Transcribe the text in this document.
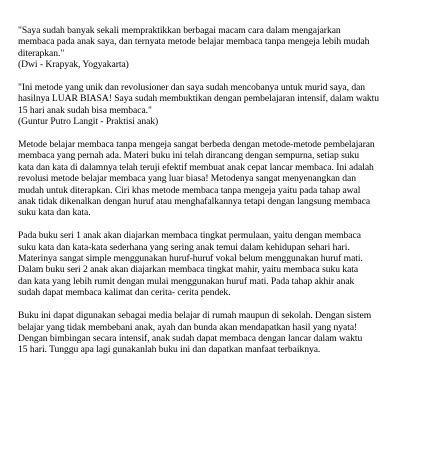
"Saya sudah banyak sekali mempraktikkan berbagai macam cara dalam mengajarkan
membaca pada anak saya, dan ternyata metode belajar membaca tanpa mengeja lebih mudah
diterapkan."
(Dwi - Krapyak, Yogyakarta)
"Ini metode yang unik dan revolusioner dan saya sudah mencobanya untuk murid saya, dan
hasilnya LUAR BIASA! Saya sudah membuktikan dengan pembelajaran intensif, dalam waktu
15 hari anak sudah bisa membaca."
(Guntur Putro Langit - Praktisi anak)
Metode belajar membaca tanpa mengeja sangat berbeda dengan metode-metode pembelajaran
membaca yang pernah ada. Materi buku ini telah dirancang dengan sempurna, setiap suku
kata dan kata di dalamnya telah teruji efektif membuat anak cepat lancar membaca. Ini adalah
revolusi metode belajar membaca yang luar biasa! Metodenya sangat menyenangkan dan
mudah untuk diterapkan. Ciri khas metode membaca tanpa mengeja yaitu pada tahap awal
anak tidak dikenalkan dengan huruf atau menghafalkannya tetapi dengan langsung membaca
suku kata dan kata.
Pada buku seri 1 anak akan diajarkan membaca tingkat permulaan, yaitu dengan membaca
suku kata dan kata-kata sederhana yang sering anak temui dalam kehidupan sehari hari.
Materinya sangat simple menggunakan huruf-huruf vokal belum menggunakan huruf mati.
Dalam buku seri 2 anak akan diajarkan membaca tingkat mahir, yaitu membaca suku kata
dan kata yang lebih rumit dengan mulai menggunakan huruf mati. Pada tahap akhir anak
sudah dapat membaca kalimat dan cerita- cerita pendek.
Buku ini dapat digunakan sebagai media belajar di rumah maupun di sekolah. Dengan sistem
belajar yang tidak membebani anak, ayah dan bunda akan mendapatkan hasil yang nyata!
Dengan bimbingan secara intensif, anak sudah dapat membaca dengan lancar dalam waktu
15 hari. Tunggu apa lagi gunakanlah buku ini dan dapatkan manfaat terbaiknya.
